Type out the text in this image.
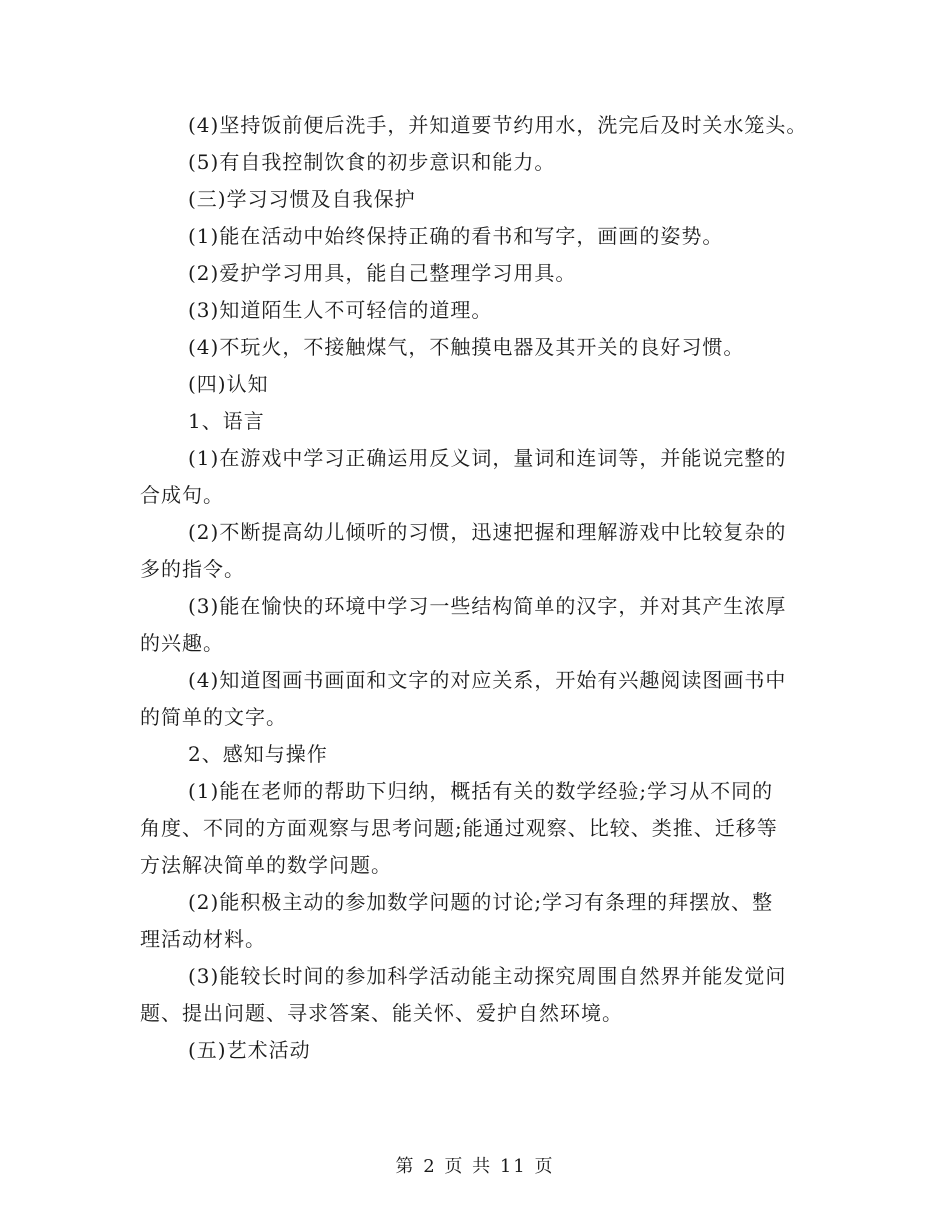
(4)坚持饭前便后洗手，并知道要节约用水，洗完后及时关水笼头。

(5)有自我控制饮食的初步意识和能力。

(三)学习习惯及自我保护

(1)能在活动中始终保持正确的看书和写字，画画的姿势。

(2)爱护学习用具，能自己整理学习用具。

(3)知道陌生人不可轻信的道理。

(4)不玩火，不接触煤气，不触摸电器及其开关的良好习惯。

(四)认知

1、语言

(1)在游戏中学习正确运用反义词，量词和连词等，并能说完整的

合成句。

(2)不断提高幼儿倾听的习惯，迅速把握和理解游戏中比较复杂的

多的指令。

(3)能在愉快的环境中学习一些结构简单的汉字，并对其产生浓厚

的兴趣。

(4)知道图画书画面和文字的对应关系，开始有兴趣阅读图画书中

的简单的文字。

2、感知与操作

(1)能在老师的帮助下归纳，概括有关的数学经验;学习从不同的

角度、不同的方面观察与思考问题;能通过观察、比较、类推、迁移等

方法解决简单的数学问题。

(2)能积极主动的参加数学问题的讨论;学习有条理的拜摆放、整

理活动材料。

(3)能较长时间的参加科学活动能主动探究周围自然界并能发觉问

题、提出问题、寻求答案、能关怀、爱护自然环境。

(五)艺术活动

第 2 页 共 11 页
